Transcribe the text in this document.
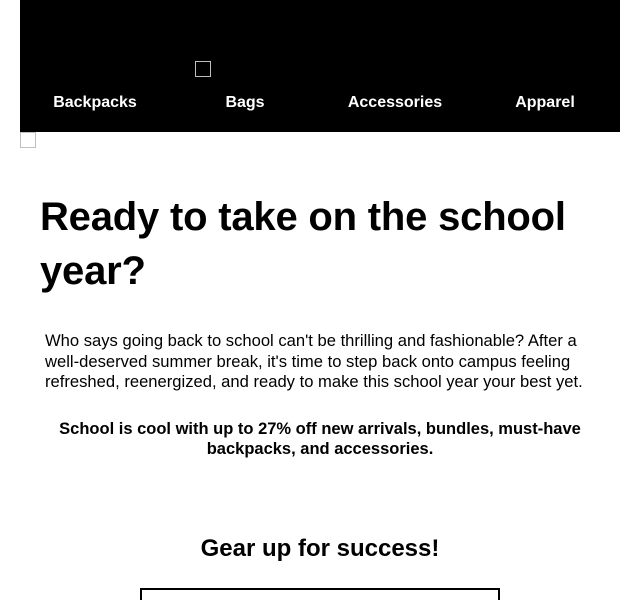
Backpacks	Bags	Accessories	Apparel
Ready to take on the school year?

Who says going back to school can't be thrilling and fashionable? After a well-deserved summer break, it's time to step back onto campus feeling refreshed, reenergized, and ready to make this school year your best yet.

School is cool with up to 27% off new arrivals, bundles, must-have backpacks, and accessories.

Gear up for success!
